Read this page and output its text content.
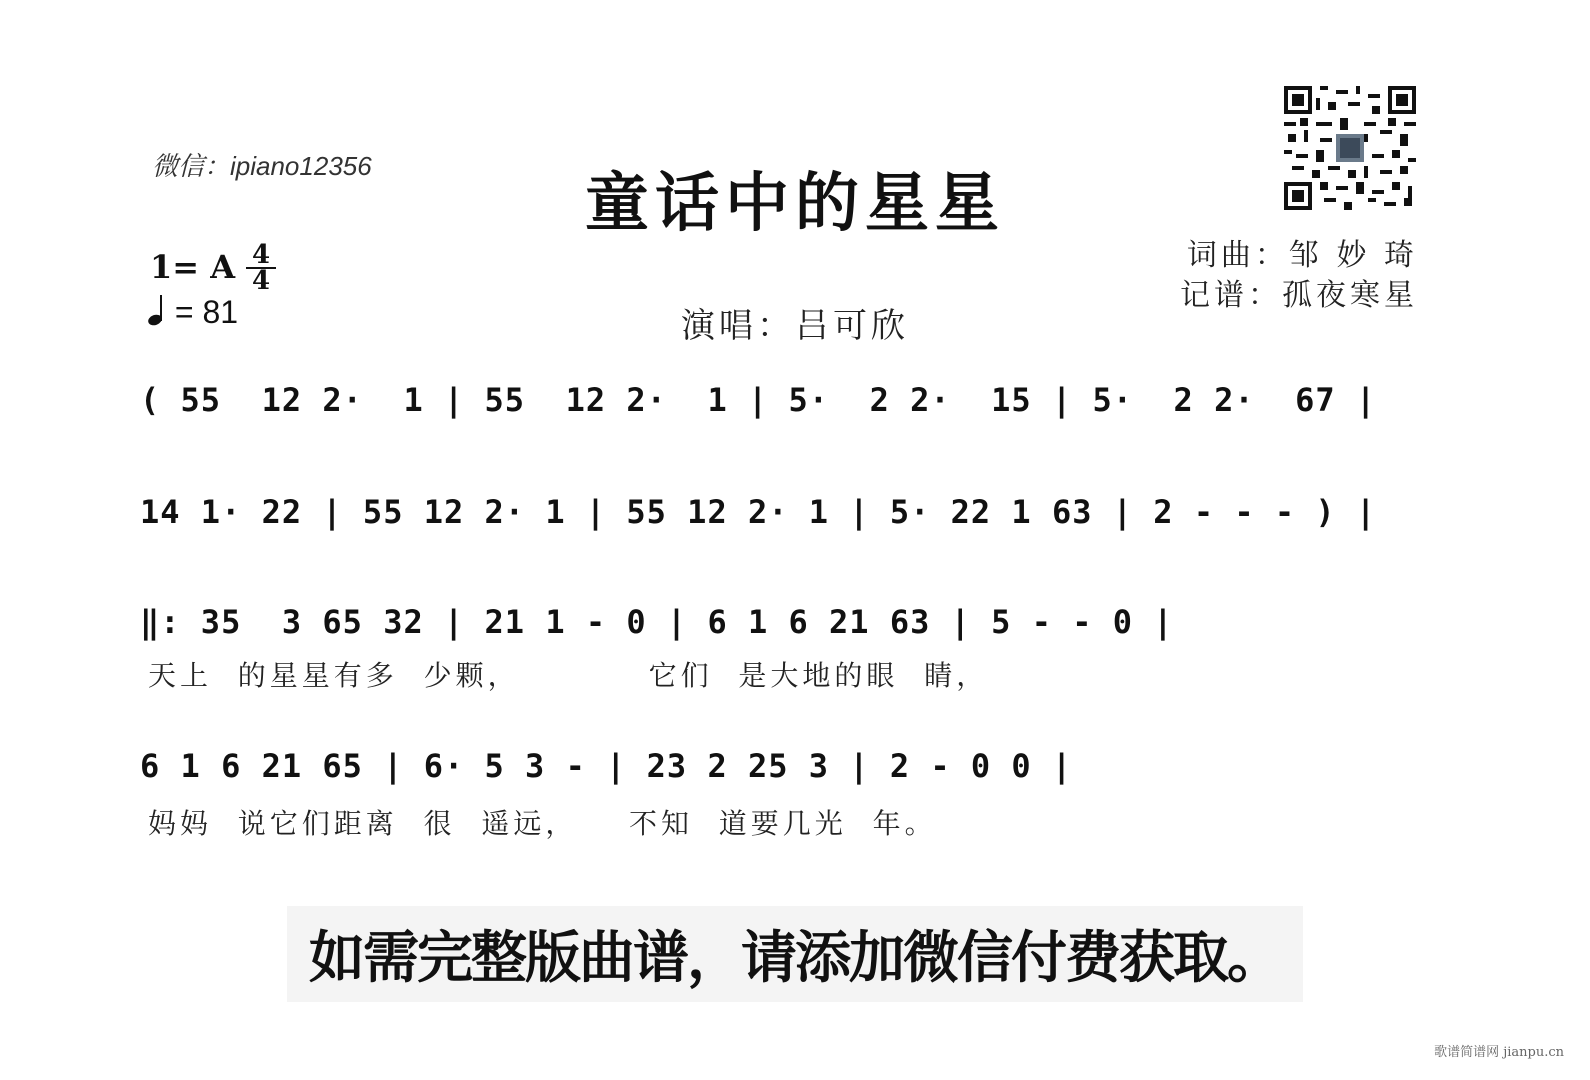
微信：ipiano12356
童话中的星星
词曲：邹 妙 琦
记谱：孤夜寒星
1= A 4
4
= 81	演唱：吕可欣
( 55  12 2·  1 | 55  12 2·  1 | 5·  2 2·  15 | 5·  2 2·  67 |
14 1· 22 | 55 12 2· 1 | 55 12 2· 1 | 5· 22 1 63 | 2 - - - ) |
‖: 35  3 65 32 | 21 1 - 0 | 6 1 6 21 63 | 5 - - 0 |
天上  的星星有多  少颗，          它们  是大地的眼  睛，
6 1 6 21 65 | 6· 5 3 - | 23 2 25 3 | 2 - 0 0 |
妈妈  说它们距离  很  遥远，    不知  道要几光  年。
如需完整版曲谱，请添加微信付费获取。
歌谱简谱网 jianpu.cn
